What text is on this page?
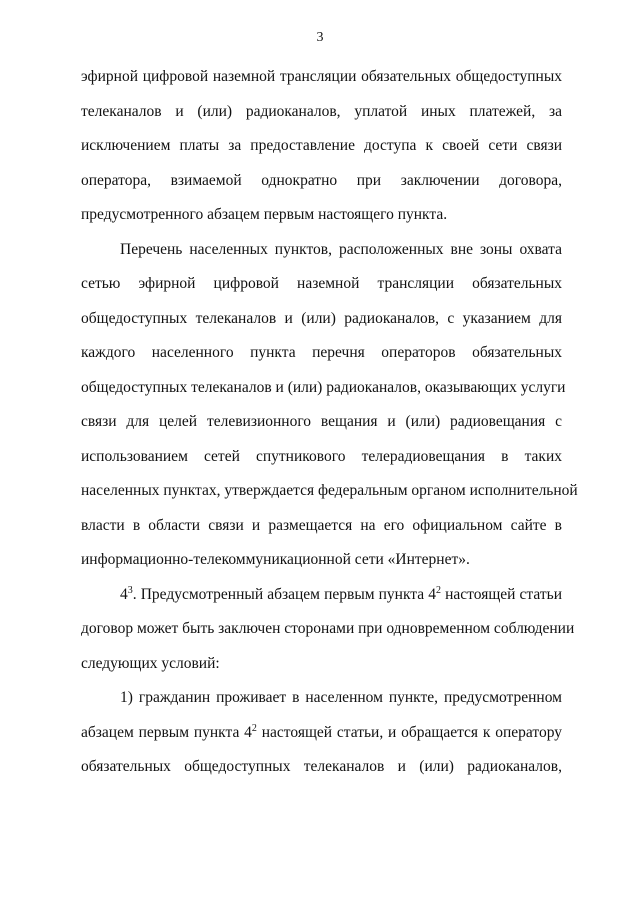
3
эфирной цифровой наземной трансляции обязательных общедоступных
телеканалов и (или) радиоканалов, уплатой иных платежей, за
исключением платы за предоставление доступа к своей сети связи
оператора, взимаемой однократно при заключении договора,
предусмотренного абзацем первым настоящего пункта.
Перечень населенных пунктов, расположенных вне зоны охвата
сетью эфирной цифровой наземной трансляции обязательных
общедоступных телеканалов и (или) радиоканалов, с указанием для
каждого населенного пункта перечня операторов обязательных
общедоступных телеканалов и (или) радиоканалов, оказывающих услуги
связи для целей телевизионного вещания и (или) радиовещания с
использованием сетей спутникового телерадиовещания в таких
населенных пунктах, утверждается федеральным органом исполнительной
власти в области связи и размещается на его официальном сайте в
информационно-телекоммуникационной сети «Интернет».
$4^3$. Предусмотренный абзацем первым пункта $4^2$ настоящей статьи
договор может быть заключен сторонами при одновременном соблюдении
следующих условий:
1) гражданин проживает в населенном пункте, предусмотренном
абзацем первым пункта $4^2$ настоящей статьи, и обращается к оператору
обязательных общедоступных телеканалов и (или) радиоканалов,
